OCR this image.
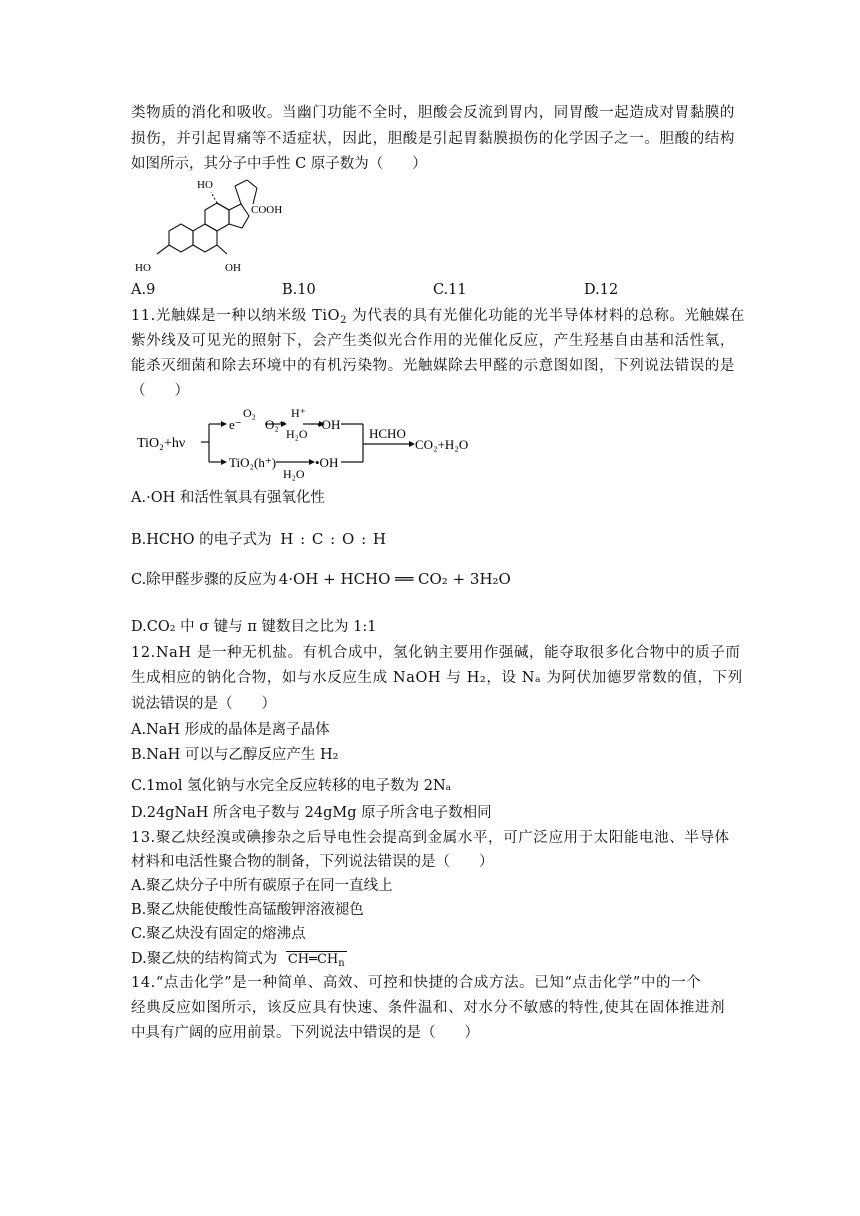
类物质的消化和吸收。当幽门功能不全时，胆酸会反流到胃内，同胃酸一起造成对胃黏膜的
损伤，并引起胃痛等不适症状，因此，胆酸是引起胃黏膜损伤的化学因子之一。胆酸的结构
如图所示，其分子中手性 C 原子数为（　　）
HO
COOH
HO	OH
A.9	B.10	C.11	D.12
11.光触媒是一种以纳米级 TiO$_2$ 为代表的具有光催化功能的光半导体材料的总称。光触媒在
紫外线及可见光的照射下，会产生类似光合作用的光催化反应，产生羟基自由基和活性氧，
能杀灭细菌和除去环境中的有机污染物。光触媒除去甲醛的示意图如图，下列说法错误的是
（　　）
TiO₂+hν
e⁻
O₂
O₂⁻
H⁺
H₂O
•OH
TiO₂(h⁺)
H₂O
•OH
HCHO
CO₂+H₂O
A.·OH 和活性氧具有强氧化性
B.HCHO 的电子式为 H : C : O : H
C.除甲醛步骤的反应为 4·OH + HCHO ══ CO₂ + 3H₂O
D.CO₂ 中 σ 键与 π 键数目之比为 1:1
12.NaH 是一种无机盐。有机合成中，氢化钠主要用作强碱，能夺取很多化合物中的质子而
生成相应的钠化合物，如与水反应生成 NaOH 与 H₂，设 Nₐ 为阿伏加德罗常数的值，下列
说法错误的是（　　）
A.NaH 形成的晶体是离子晶体
B.NaH 可以与乙醇反应产生 H₂
C.1mol 氢化钠与水完全反应转移的电子数为 2Nₐ
D.24gNaH 所含电子数与 24gMg 原子所含电子数相同
13.聚乙炔经溴或碘掺杂之后导电性会提高到金属水平，可广泛应用于太阳能电池、半导体
材料和电活性聚合物的制备，下列说法错误的是（　　）
A.聚乙炔分子中所有碳原子在同一直线上
B.聚乙炔能使酸性高锰酸钾溶液褪色
C.聚乙炔没有固定的熔沸点
D.聚乙炔的结构简式为 $CH═CH_n$
14.“点击化学”是一种简单、高效、可控和快捷的合成方法。已知“点击化学”中的一个
经典反应如图所示，该反应具有快速、条件温和、对水分不敏感的特性,使其在固体推进剂
中具有广阔的应用前景。下列说法中错误的是（　　）
